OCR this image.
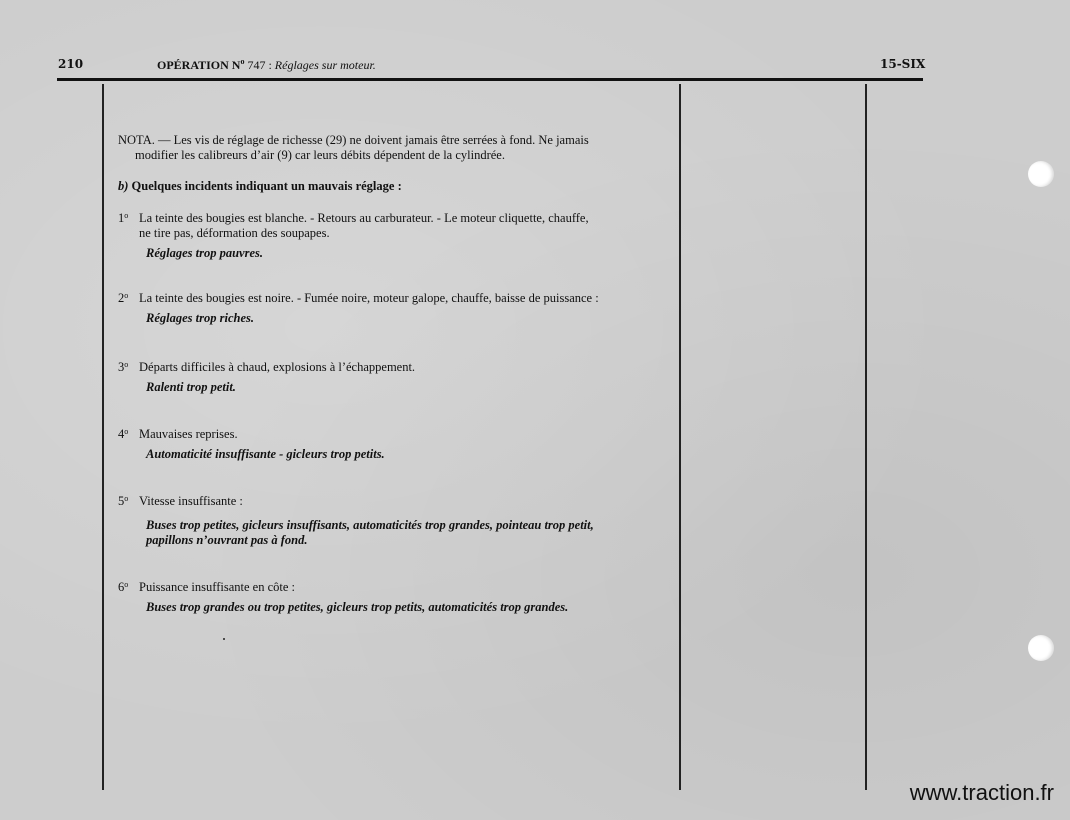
210	OPÉRATION $N^o$ 747 : Réglages sur moteur.	15-SIX
NOTA. — Les vis de réglage de richesse (29) ne doivent jamais être serrées à fond. Ne jamais
modifier les calibreurs d’air (9) car leurs débits dépendent de la cylindrée.
b) Quelques incidents indiquant un mauvais réglage :
1$^o$ La teinte des bougies est blanche. - Retours au carburateur. - Le moteur cliquette, chauffe,
ne tire pas, déformation des soupapes.
Réglages trop pauvres.
2$^o$ La teinte des bougies est noire. - Fumée noire, moteur galope, chauffe, baisse de puissance :
Réglages trop riches.
3$^o$ Départs difficiles à chaud, explosions à l’échappement.
Ralenti trop petit.
4$^o$ Mauvaises reprises.
Automaticité insuffisante - gicleurs trop petits.
5$^o$ Vitesse insuffisante :
Buses trop petites, gicleurs insuffisants, automaticités trop grandes, pointeau trop petit,
papillons n’ouvrant pas à fond.
6$^o$ Puissance insuffisante en côte :
Buses trop grandes ou trop petites, gicleurs trop petits, automaticités trop grandes.
www.traction.fr
